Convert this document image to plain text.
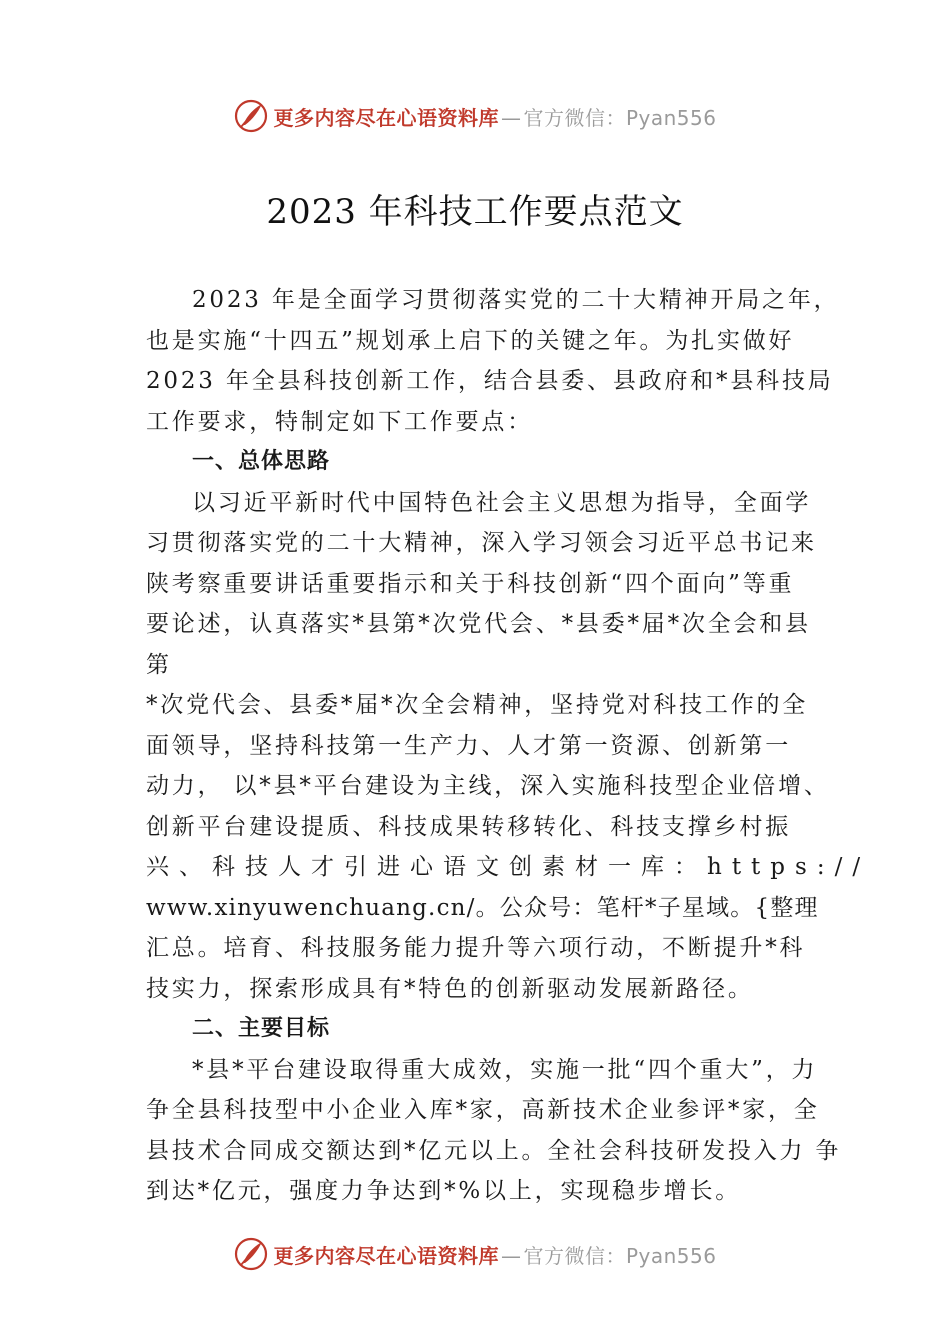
更多内容尽在心语资料库 — 官方微信：Pyan556
2023 年科技工作要点范文
2023 年是全面学习贯彻落实党的二十大精神开局之年，
也是实施“十四五”规划承上启下的关键之年。为扎实做好
2023 年全县科技创新工作，结合县委、县政府和*县科技局
工作要求，特制定如下工作要点：
一、总体思路
以习近平新时代中国特色社会主义思想为指导，全面学
习贯彻落实党的二十大精神，深入学习领会习近平总书记来
陕考察重要讲话重要指示和关于科技创新“四个面向”等重
要论述，认真落实*县第*次党代会、*县委*届*次全会和县
第
*次党代会、县委*届*次全会精神，坚持党对科技工作的全
面领导，坚持科技第一生产力、人才第一资源、创新第一
动力， 以*县*平台建设为主线，深入实施科技型企业倍增、
创新平台建设提质、科技成果转移转化、科技支撑乡村振
兴、科技人才引进心语文创素材一库：https://
www.xinyuwenchuang.cn/。公众号：笔杆*子星域。{整理
汇总。培育、科技服务能力提升等六项行动，不断提升*科
技实力，探索形成具有*特色的创新驱动发展新路径。
二、主要目标
*县*平台建设取得重大成效，实施一批“四个重大”，力
争全县科技型中小企业入库*家，高新技术企业参评*家，全
县技术合同成交额达到*亿元以上。全社会科技研发投入力 争
到达*亿元，强度力争达到*%以上，实现稳步增长。
更多内容尽在心语资料库 — 官方微信：Pyan556
